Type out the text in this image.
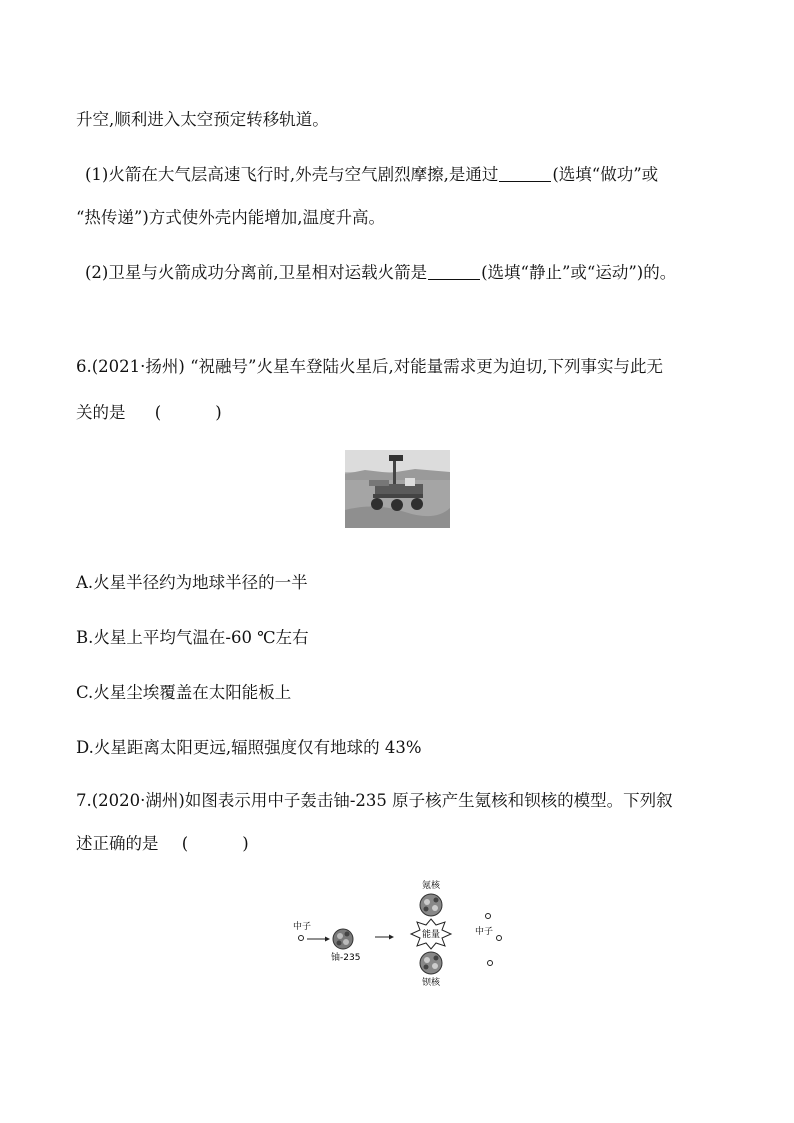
升空,顺利进入太空预定转移轨道。
(1)火箭在大气层高速飞行时,外壳与空气剧烈摩擦,是通过	(选填“做功”或
“热传递”)方式使外壳内能增加,温度升高。
(2)卫星与火箭成功分离前,卫星相对运载火箭是	(选填“静止”或“运动”)的。
6.(2021·扬州) “祝融号”火星车登陆火星后,对能量需求更为迫切,下列事实与此无
关的是 (	)
A.火星半径约为地球半径的一半
B.火星上平均气温在-60 ℃左右
C.火星尘埃覆盖在太阳能板上
D.火星距离太阳更远,辐照强度仅有地球的 43%
7.(2020·湖州)如图表示用中子轰击铀-235 原子核产生氪核和钡核的模型。下列叙
述正确的是 (	)
中子
铀-235
氪核
能量
钡核
中子
